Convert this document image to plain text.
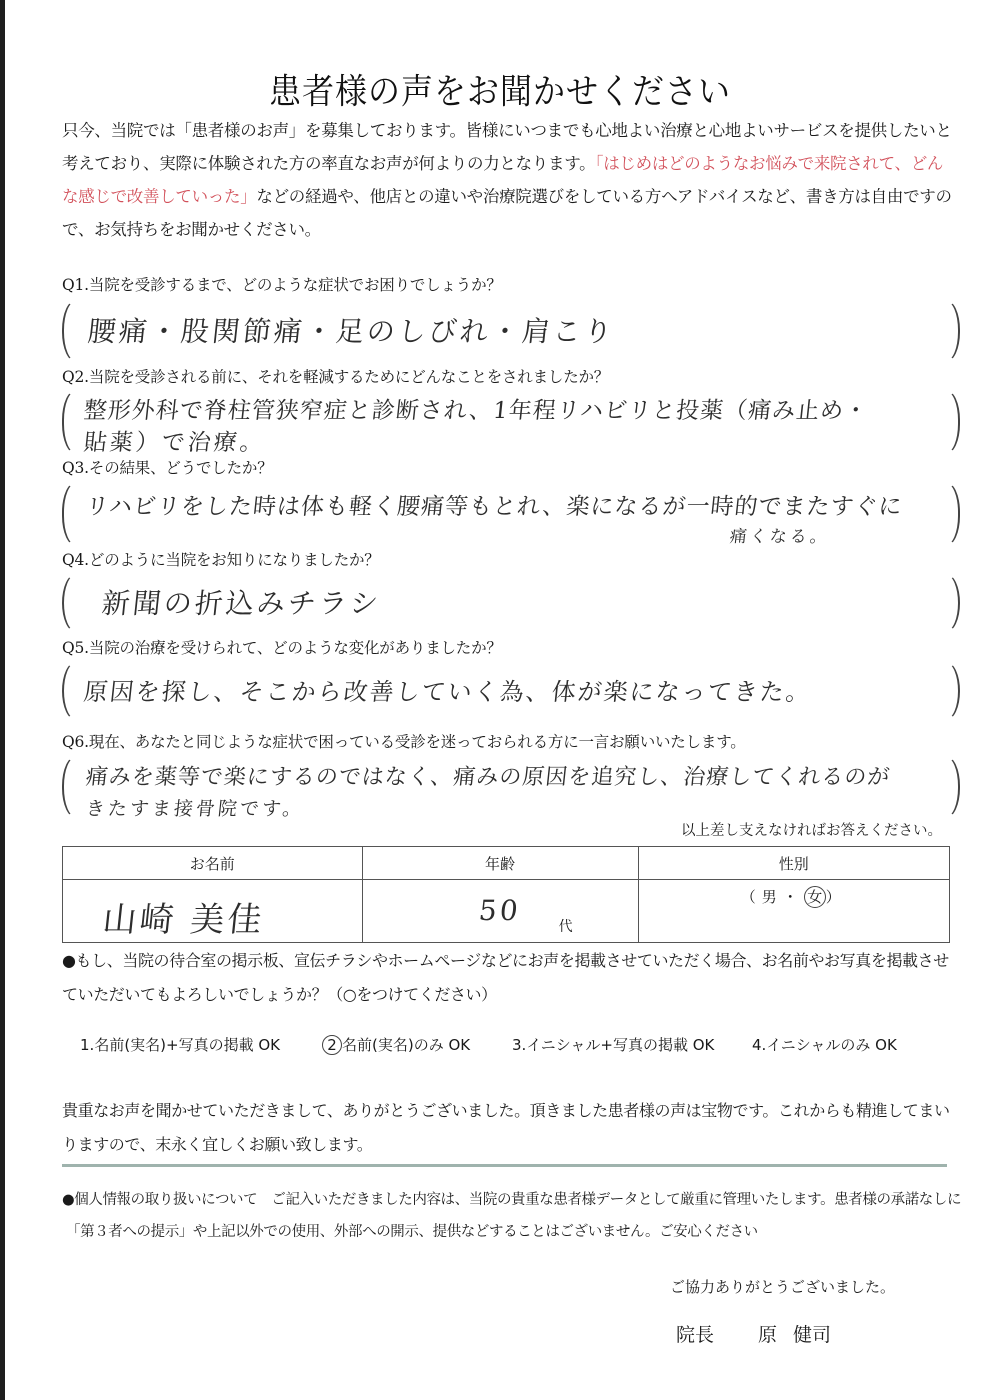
患者様の声をお聞かせください
只今、当院では「患者様のお声」を募集しております。皆様にいつまでも心地よい治療と心地よいサービスを提供したいと考えており、実際に体験された方の率直なお声が何よりの力となります。「はじめはどのようなお悩みで来院されて、どんな感じで改善していった」などの経過や、他店との違いや治療院選びをしている方へアドバイスなど、書き方は自由ですので、お気持ちをお聞かせください。
Q1.当院を受診するまで、どのような症状でお困りでしょうか？
腰痛・股関節痛・足のしびれ・肩こり
Q2.当院を受診される前に、それを軽減するためにどんなことをされましたか？
整形外科で脊柱管狭窄症と診断され、1年程リハビリと投薬（痛み止め・
貼薬）で治療。
Q3.その結果、どうでしたか？
リハビリをした時は体も軽く腰痛等もとれ、楽になるが一時的でまたすぐに
痛くなる。
Q4.どのように当院をお知りになりましたか？
新聞の折込みチラシ
Q5.当院の治療を受けられて、どのような変化がありましたか？
原因を探し、そこから改善していく為、体が楽になってきた。
Q6.現在、あなたと同じような症状で困っている受診を迷っておられる方に一言お願いいたします。
痛みを薬等で楽にするのではなく、痛みの原因を追究し、治療してくれるのが
きたすま接骨院です。
以上差し支えなければお答えください。
お名前	年齢	性別

山崎 美佳	50 代	（男・ 女 ）
●もし、当院の待合室の掲示板、宣伝チラシやホームページなどにお声を掲載させていただく場合、お名前やお写真を掲載させていただいてもよろしいでしょうか？（○をつけてください）
1.名前(実名)+写真の掲載 OK	2 名前(実名)のみ OK	3.イニシャル+写真の掲載 OK	4.イニシャルのみ OK
貴重なお声を聞かせていただきまして、ありがとうございました。頂きました患者様の声は宝物です。これからも精進してまいりますので、末永く宜しくお願い致します。
●個人情報の取り扱いについて　ご記入いただきました内容は、当院の貴重な患者様データとして厳重に管理いたします。患者様の承諾なしに
「第３者への提示」や上記以外での使用、外部への開示、提供などすることはございません。ご安心ください
ご協力ありがとうございました。
院長 原 健司
